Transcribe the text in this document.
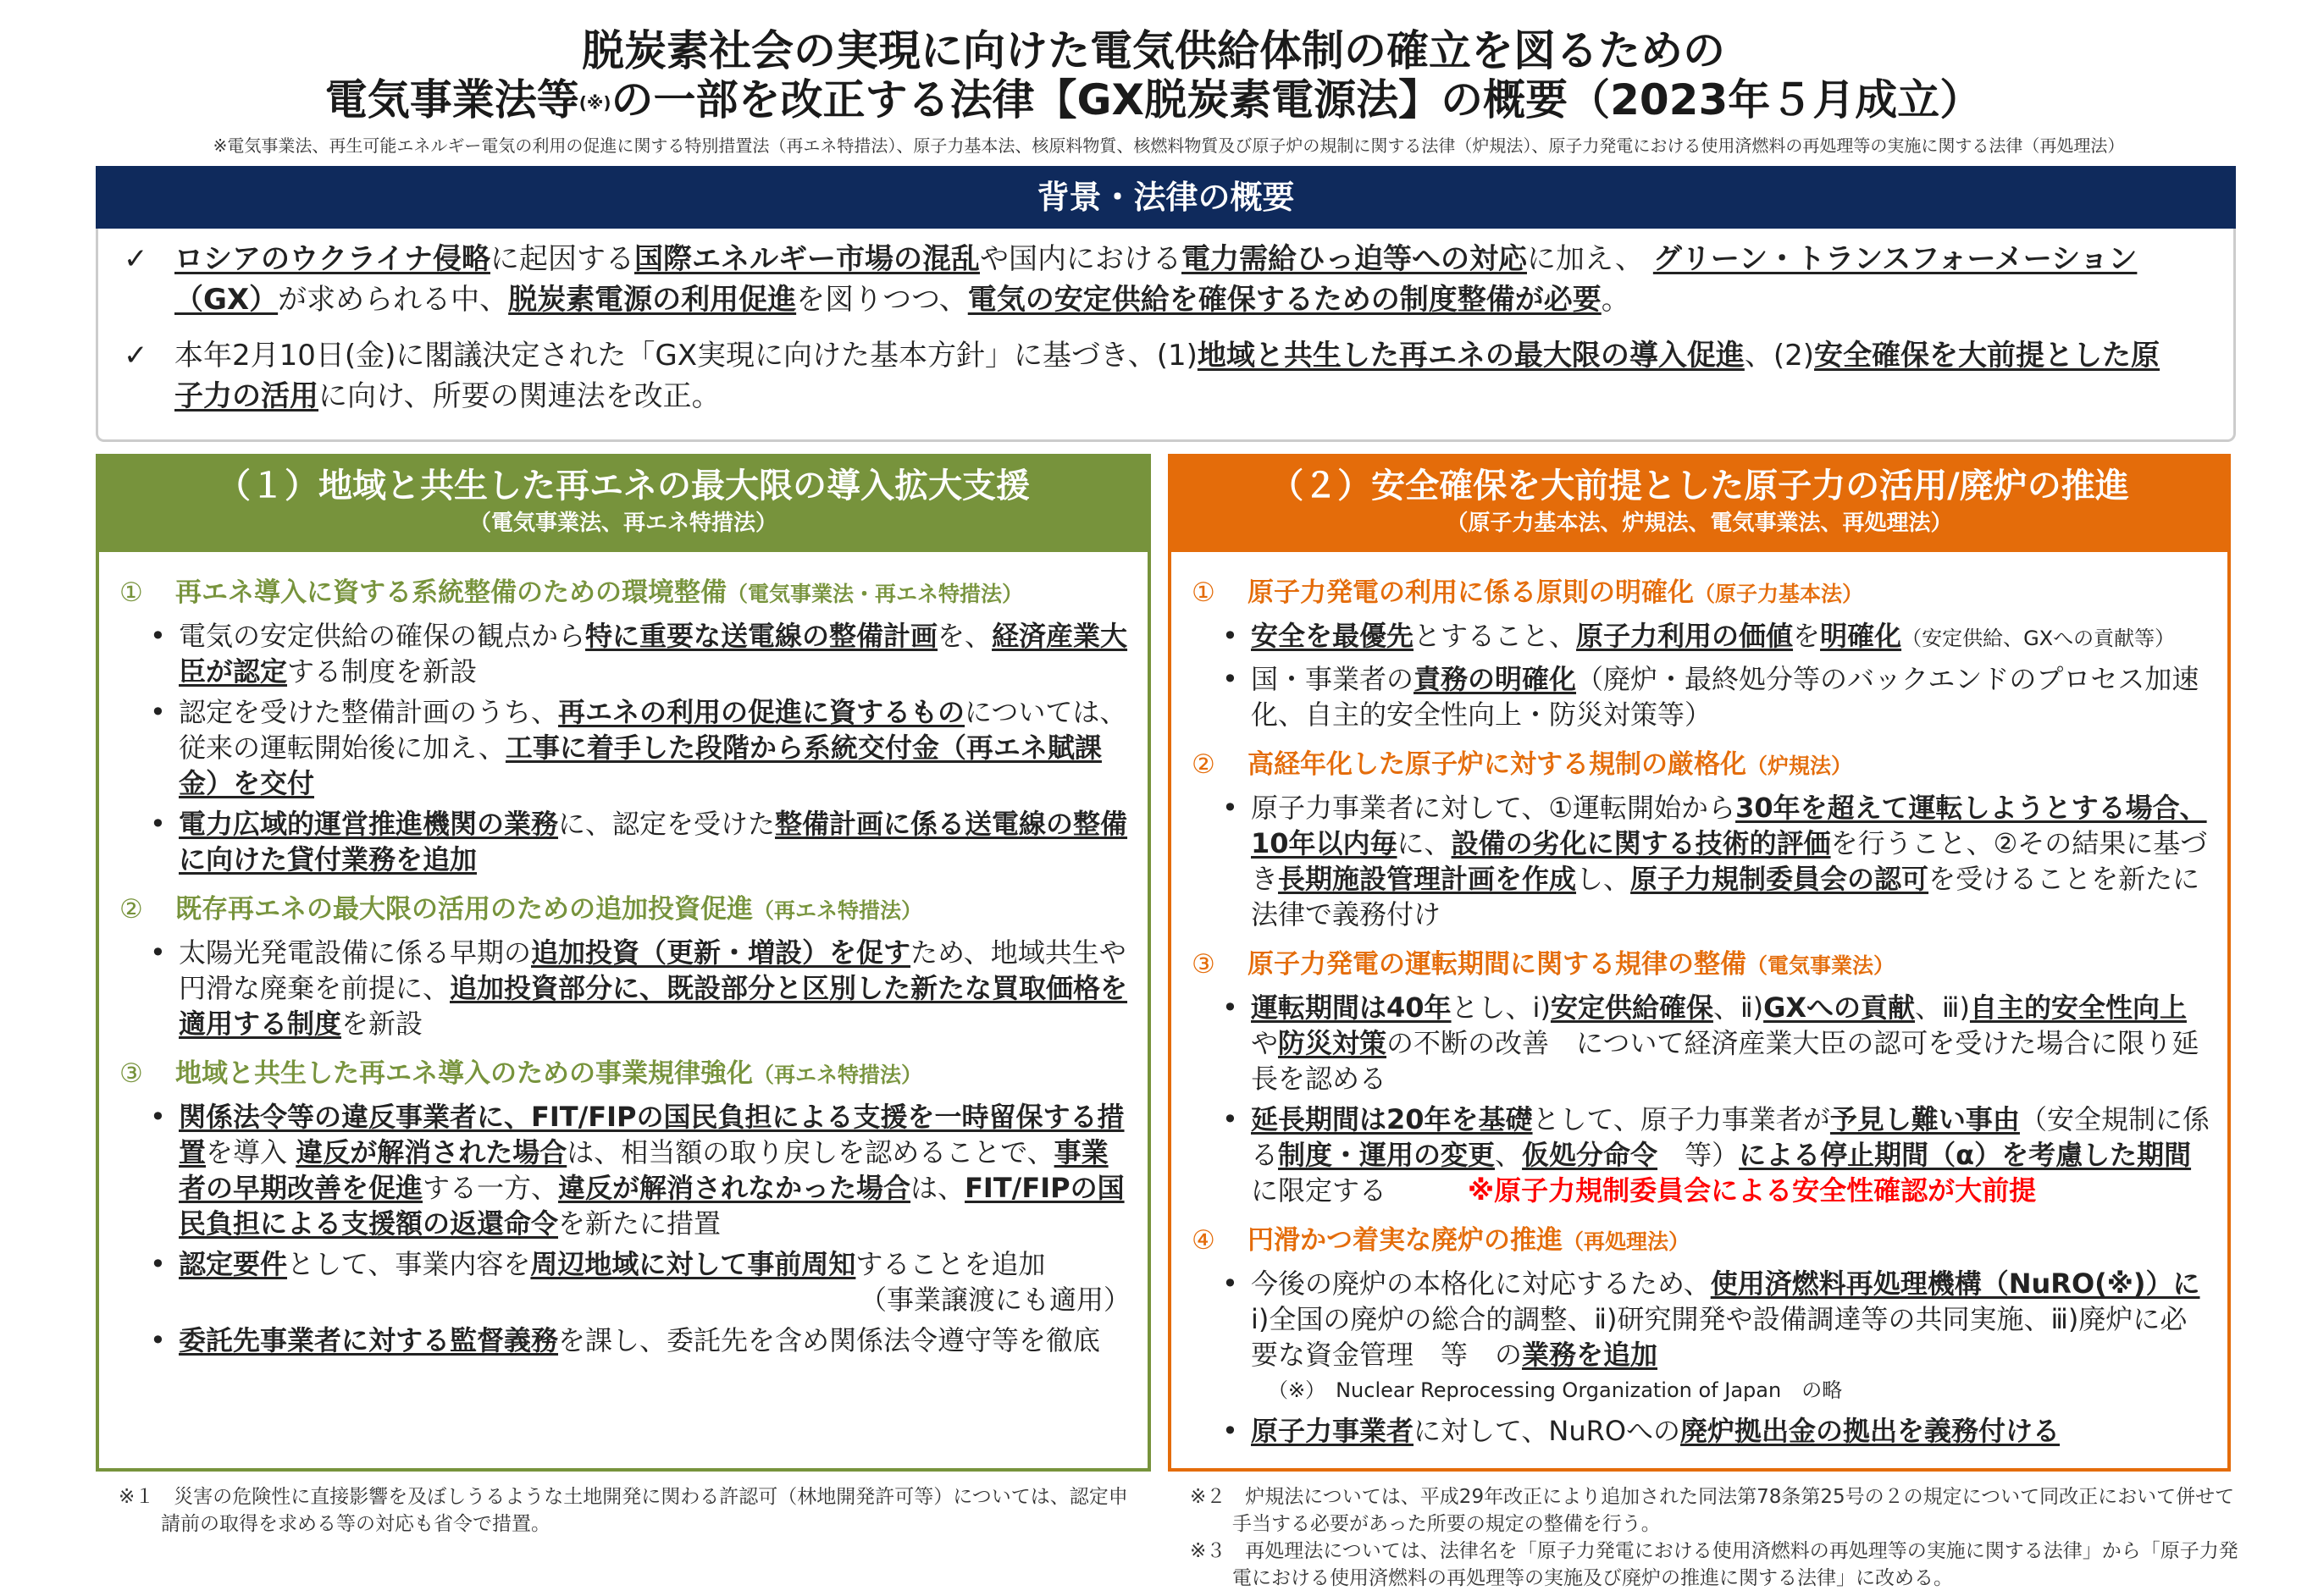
脱炭素社会の実現に向けた電気供給体制の確立を図るための
電気事業法等(※)の一部を改正する法律【GX脱炭素電源法】の概要（2023年５月成立）
※電気事業法、再生可能エネルギー電気の利用の促進に関する特別措置法（再エネ特措法）、原子力基本法、核原料物質、核燃料物質及び原子炉の規制に関する法律（炉規法）、原子力発電における使用済燃料の再処理等の実施に関する法律（再処理法）
背景・法律の概要
✓ ロシアのウクライナ侵略に起因する国際エネルギー市場の混乱や国内における電力需給ひっ迫等への対応に加え、 グリーン・トランスフォーメーション（GX）が求められる中、脱炭素電源の利用促進を図りつつ、電気の安定供給を確保するための制度整備が必要。
✓ 本年2月10日(金)に閣議決定された「GX実現に向けた基本方針」に基づき、(1)地域と共生した再エネの最大限の導入促進、(2)安全確保を大前提とした原子力の活用に向け、所要の関連法を改正。
（１）地域と共生した再エネの最大限の導入拡大支援
（電気事業法、再エネ特措法）
①	再エネ導入に資する系統整備のための環境整備（電気事業法・再エネ特措法）
• 電気の安定供給の確保の観点から特に重要な送電線の整備計画を、経済産業大臣が認定する制度を新設
• 認定を受けた整備計画のうち、再エネの利用の促進に資するものについては、従来の運転開始後に加え、工事に着手した段階から系統交付金（再エネ賦課金）を交付
• 電力広域的運営推進機関の業務に、認定を受けた整備計画に係る送電線の整備に向けた貸付業務を追加
②	既存再エネの最大限の活用のための追加投資促進（再エネ特措法）
• 太陽光発電設備に係る早期の追加投資（更新・増設）を促すため、地域共生や円滑な廃棄を前提に、追加投資部分に、既設部分と区別した新たな買取価格を適用する制度を新設
③	地域と共生した再エネ導入のための事業規律強化（再エネ特措法）
• 関係法令等の違反事業者に、FIT/FIPの国民負担による支援を一時留保する措置を導入 違反が解消された場合は、相当額の取り戻しを認めることで、事業者の早期改善を促進する一方、違反が解消されなかった場合は、FIT/FIPの国民負担による支援額の返還命令を新たに措置
• 認定要件として、事業内容を周辺地域に対して事前周知することを追加
（事業譲渡にも適用）
• 委託先事業者に対する監督義務を課し、委託先を含め関係法令遵守等を徹底
（２）安全確保を大前提とした原子力の活用/廃炉の推進
（原子力基本法、炉規法、電気事業法、再処理法）
①	原子力発電の利用に係る原則の明確化（原子力基本法）
• 安全を最優先とすること、原子力利用の価値を明確化（安定供給、GXへの貢献等）
• 国・事業者の責務の明確化（廃炉・最終処分等のバックエンドのプロセス加速化、自主的安全性向上・防災対策等）
②	高経年化した原子炉に対する規制の厳格化（炉規法）
• 原子力事業者に対して、①運転開始から30年を超えて運転しようとする場合、10年以内毎に、設備の劣化に関する技術的評価を行うこと、②その結果に基づき長期施設管理計画を作成し、原子力規制委員会の認可を受けることを新たに法律で義務付け
③	原子力発電の運転期間に関する規律の整備（電気事業法）
• 運転期間は40年とし、ⅰ)安定供給確保、ⅱ)GXへの貢献、ⅲ)自主的安全性向上や防災対策の不断の改善　について経済産業大臣の認可を受けた場合に限り延長を認める
• 延長期間は20年を基礎として、原子力事業者が予見し難い事由（安全規制に係る制度・運用の変更、仮処分命令　等）による停止期間（α）を考慮した期間に限定する　　　※原子力規制委員会による安全性確認が大前提
④	円滑かつ着実な廃炉の推進（再処理法）
• 今後の廃炉の本格化に対応するため、使用済燃料再処理機構（NuRO(※)）に ⅰ)全国の廃炉の総合的調整、ⅱ)研究開発や設備調達等の共同実施、ⅲ)廃炉に必要な資金管理　等　の業務を追加
（※）　Nuclear Reprocessing Organization of Japan　の略
• 原子力事業者に対して、NuROへの廃炉拠出金の拠出を義務付ける
※１　災害の危険性に直接影響を及ぼしうるような土地開発に関わる許認可（林地開発許可等）については、認定申請前の取得を求める等の対応も省令で措置。
※２　炉規法については、平成29年改正により追加された同法第78条第25号の２の規定について同改正において併せて手当する必要があった所要の規定の整備を行う。
※３　再処理法については、法律名を「原子力発電における使用済燃料の再処理等の実施に関する法律」から「原子力発電における使用済燃料の再処理等の実施及び廃炉の推進に関する法律」に改める。
